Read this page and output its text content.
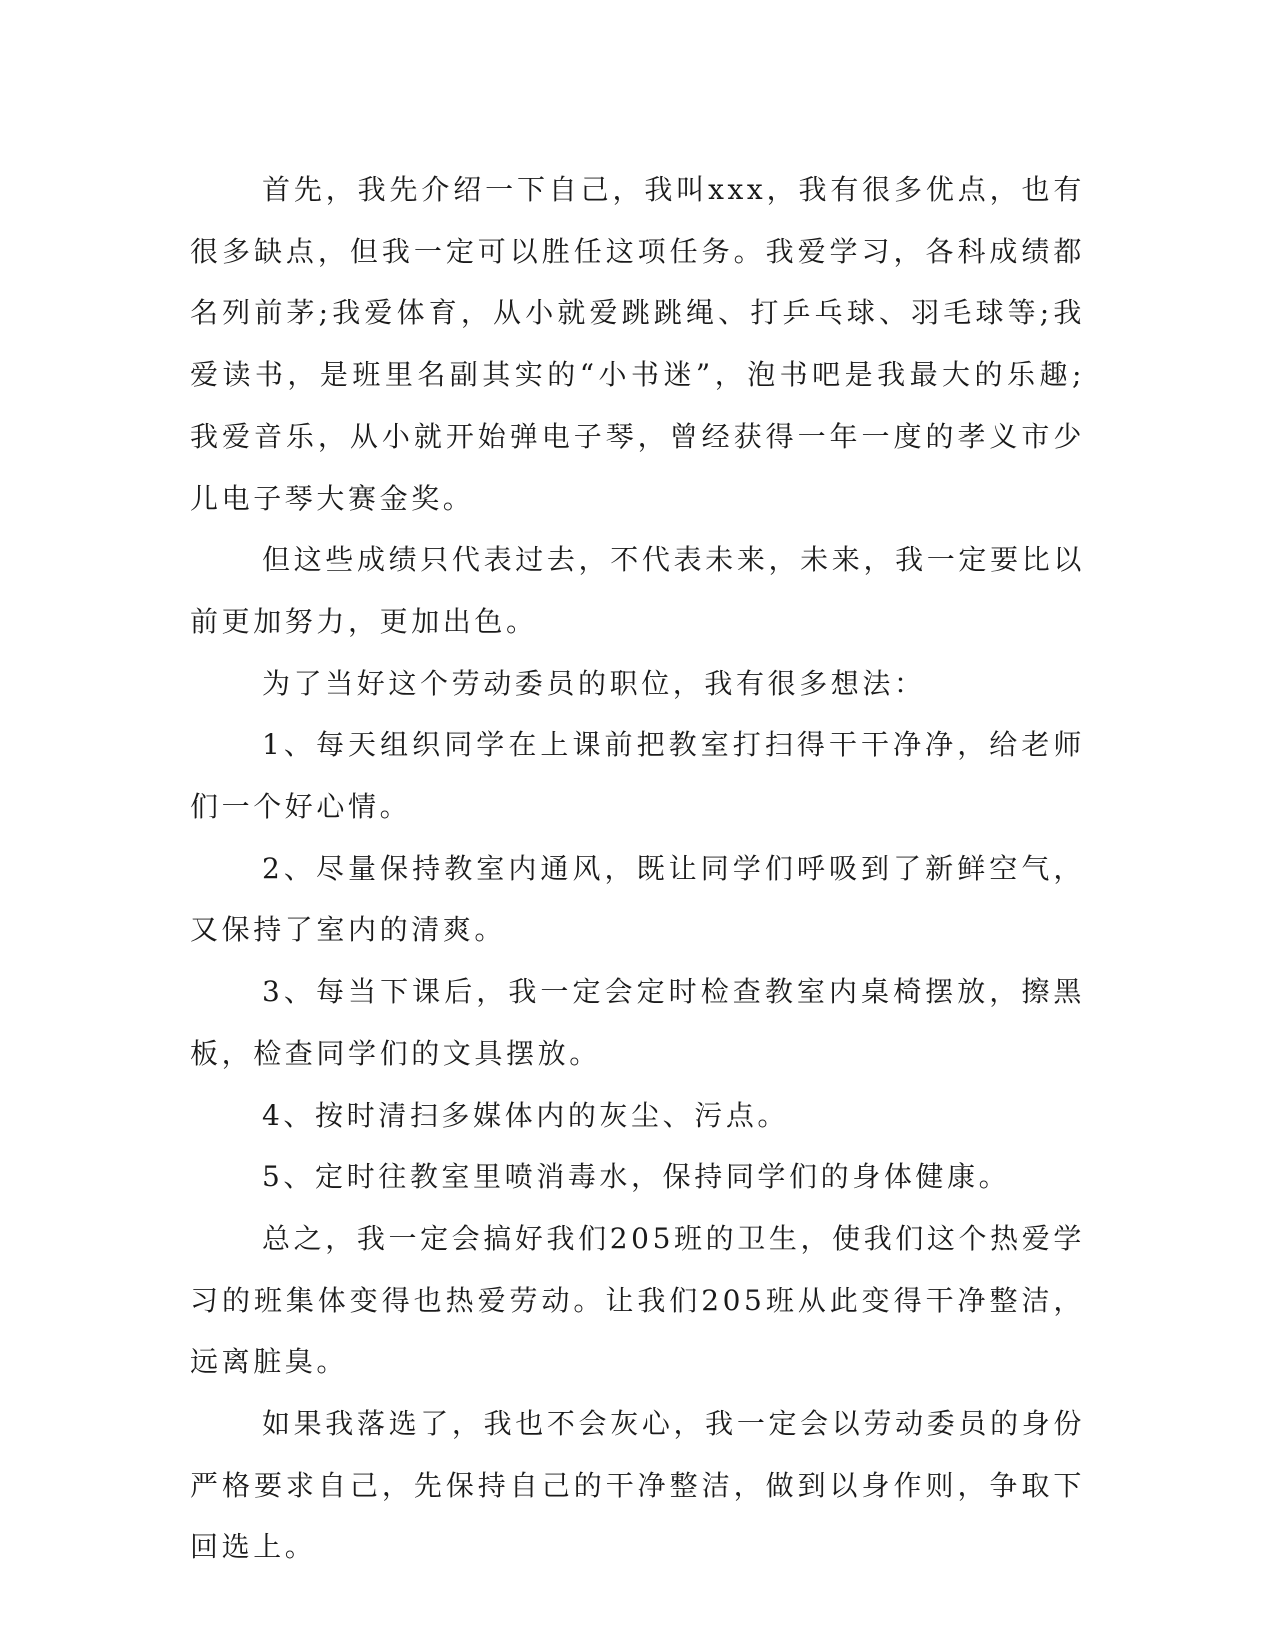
首先，我先介绍一下自己，我叫xxx，我有很多优点，也有很多缺点，但我一定可以胜任这项任务。我爱学习，各科成绩都名列前茅;我爱体育，从小就爱跳跳绳、打乒乓球、羽毛球等;我爱读书，是班里名副其实的“小书迷”，泡书吧是我最大的乐趣;我爱音乐，从小就开始弹电子琴，曾经获得一年一度的孝义市少儿电子琴大赛金奖。

但这些成绩只代表过去，不代表未来，未来，我一定要比以前更加努力，更加出色。

为了当好这个劳动委员的职位，我有很多想法：

1、每天组织同学在上课前把教室打扫得干干净净，给老师们一个好心情。

2、尽量保持教室内通风，既让同学们呼吸到了新鲜空气，又保持了室内的清爽。

3、每当下课后，我一定会定时检查教室内桌椅摆放，擦黑板，检查同学们的文具摆放。

4、按时清扫多媒体内的灰尘、污点。

5、定时往教室里喷消毒水，保持同学们的身体健康。

总之，我一定会搞好我们205班的卫生，使我们这个热爱学习的班集体变得也热爱劳动。让我们205班从此变得干净整洁，远离脏臭。

如果我落选了，我也不会灰心，我一定会以劳动委员的身份严格要求自己，先保持自己的干净整洁，做到以身作则，争取下回选上。
